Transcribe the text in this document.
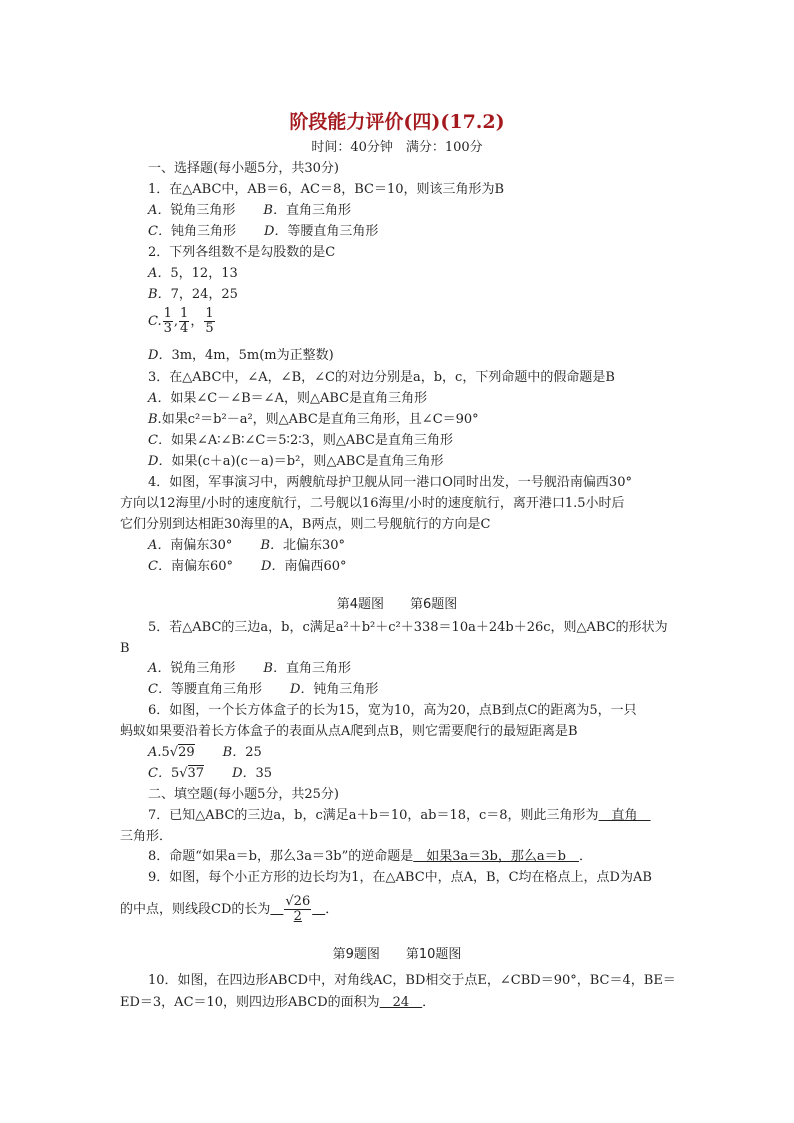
阶段能力评价(四)(17.2)
时间：40分钟　满分：100分
一、选择题(每小题5分，共30分)
1．在△ABC中，AB＝6，AC＝8，BC＝10，则该三角形为B
A．锐角三角形 B．直角三角形
C．钝角三角形 D．等腰直角三角形
2．下列各组数不是勾股数的是C
A．5，12，13
B．7，24，25
C. $\frac{1}{3}$ , $\frac{1}{4}$ ， $\frac{1}{5}$
D．3m，4m，5m(m为正整数)
3．在△ABC中，∠A，∠B，∠C的对边分别是a，b，c，下列命题中的假命题是B
A．如果∠C－∠B＝∠A，则△ABC是直角三角形
B.如果c²＝b²－a²，则△ABC是直角三角形，且∠C＝90°
C．如果∠A∶∠B∶∠C＝5∶2∶3，则△ABC是直角三角形
D．如果(c＋a)(c－a)＝b²，则△ABC是直角三角形
4．如图，军事演习中，两艘航母护卫舰从同一港口O同时出发，一号舰沿南偏西30°
方向以12海里/小时的速度航行，二号舰以16海里/小时的速度航行，离开港口1.5小时后
它们分别到达相距30海里的A，B两点，则二号舰航行的方向是C
A．南偏东30° B．北偏东30°
C．南偏东60° D．南偏西60°
第4题图　　第6题图
5．若△ABC的三边a，b，c满足a²＋b²＋c²＋338＝10a＋24b＋26c，则△ABC的形状为
B
A．锐角三角形 B．直角三角形
C．等腰直角三角形 D．钝角三角形
6．如图，一个长方体盒子的长为15，宽为10，高为20，点B到点C的距离为5，一只
蚂蚁如果要沿着长方体盒子的表面从点A爬到点B，则它需要爬行的最短距离是B
A.5√29 B．25
C．5√37 D．35
二、填空题(每小题5分，共25分)
7．已知△ABC的三边a，b，c满足a＋b＝10，ab＝18，c＝8，则此三角形为　直角　
三角形．
8．命题“如果a＝b，那么3a＝3b”的逆命题是　如果3a＝3b，那么a＝b　．
9．如图，每个小正方形的边长均为1，在△ABC中，点A，B，C均在格点上，点D为AB
的中点，则线段CD的长为　 $\frac{√26}{2}$
　 ．
第9题图　　第10题图
10．如图，在四边形ABCD中，对角线AC，BD相交于点E，∠CBD＝90°，BC＝4，BE＝
ED＝3，AC＝10，则四边形ABCD的面积为　24　．
